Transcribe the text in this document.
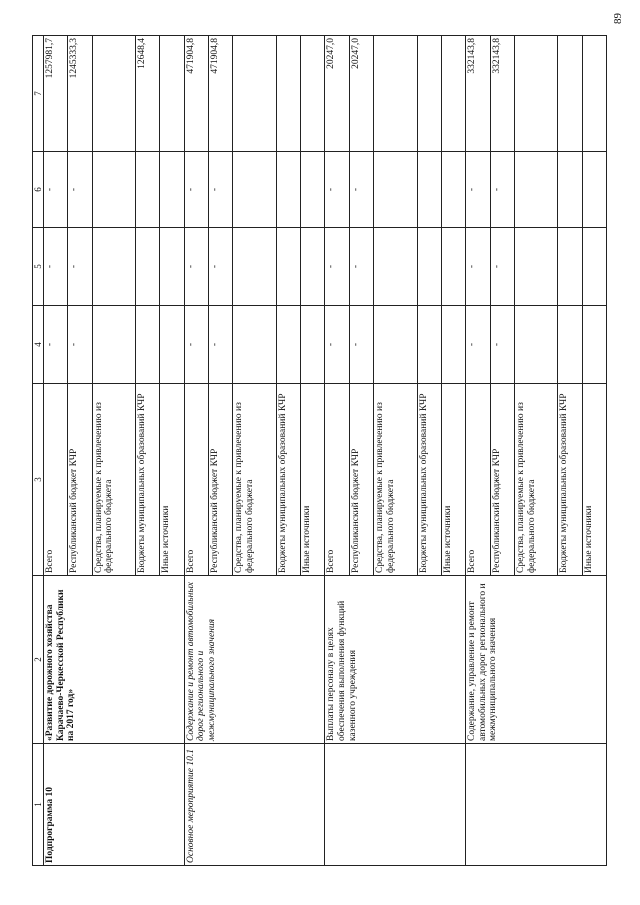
89
1	2	3	4	5	6	7
Подпрограмма 10	«Развитие дорожного хозяйства Карачаево-Черкесской Республики на 2017 год»	Всего	-	-	-	1257981,7
		Республиканский бюджет КЧР	-	-	-	1245333,3
		Средства, планируемые к привлечению из федерального бюджета				
		Бюджеты муниципальных образований КЧР				12648,4
		Иные источники				
Основное мероприятие 10.1	Содержание и ремонт автомобильных дорог регионального и межмуниципального значения	Всего	-	-	-	471904,8
		Республиканский бюджет КЧР	-	-	-	471904,8
		Средства, планируемые к привлечению из федерального бюджета				
		Бюджеты муниципальных образований КЧР				
		Иные источники				
	Выплаты персоналу в целях обеспечения выполнения функций казенного учреждения	Всего	-	-	-	20247,0
		Республиканский бюджет КЧР	-	-	-	20247,0
		Средства, планируемые к привлечению из федерального бюджета				
		Бюджеты муниципальных образований КЧР				
		Иные источники				
	Содержание, управление и ремонт автомобильных дорог регионального и межмуниципального значения	Всего	-	-	-	332143,8
		Республиканский бюджет КЧР	-	-	-	332143,8
		Средства, планируемые к привлечению из федерального бюджета				
		Бюджеты муниципальных образований КЧР				
		Иные источники				
